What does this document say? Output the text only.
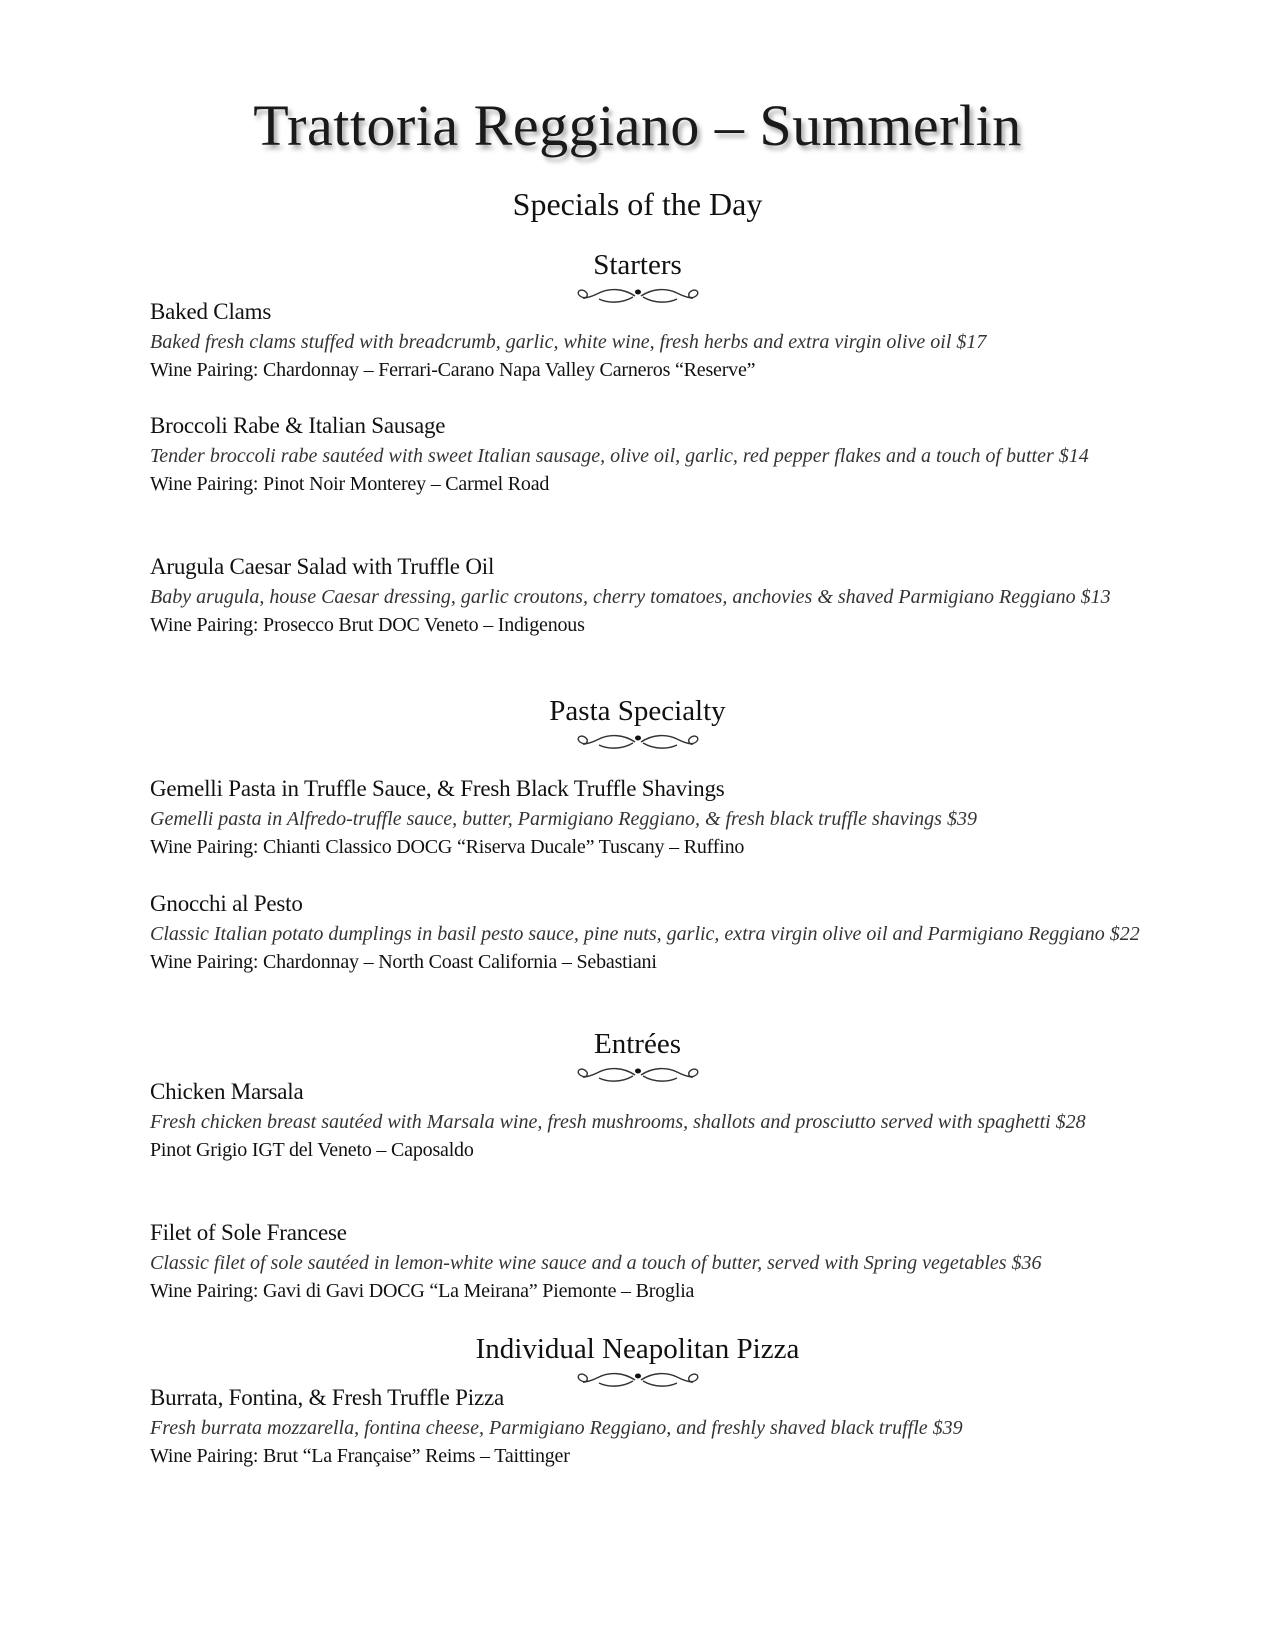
Trattoria Reggiano – Summerlin
Specials of the Day
Starters
Baked Clams
Baked fresh clams stuffed with breadcrumb, garlic, white wine, fresh herbs and extra virgin olive oil $17
Wine Pairing: Chardonnay – Ferrari-Carano Napa Valley Carneros “Reserve”
Broccoli Rabe & Italian Sausage
Tender broccoli rabe sautéed with sweet Italian sausage, olive oil, garlic, red pepper flakes and a touch of butter $14
Wine Pairing: Pinot Noir Monterey – Carmel Road
Arugula Caesar Salad with Truffle Oil
Baby arugula, house Caesar dressing, garlic croutons, cherry tomatoes, anchovies & shaved Parmigiano Reggiano $13
Wine Pairing: Prosecco Brut DOC Veneto – Indigenous
Pasta Specialty
Gemelli Pasta in Truffle Sauce, & Fresh Black Truffle Shavings
Gemelli pasta in Alfredo-truffle sauce, butter, Parmigiano Reggiano, & fresh black truffle shavings $39
Wine Pairing: Chianti Classico DOCG “Riserva Ducale” Tuscany – Ruffino
Gnocchi al Pesto
Classic Italian potato dumplings in basil pesto sauce, pine nuts, garlic, extra virgin olive oil and Parmigiano Reggiano $22
Wine Pairing: Chardonnay – North Coast California – Sebastiani
Entrées
Chicken Marsala
Fresh chicken breast sautéed with Marsala wine, fresh mushrooms, shallots and prosciutto served with spaghetti $28
Pinot Grigio IGT del Veneto – Caposaldo
Filet of Sole Francese
Classic filet of sole sautéed in lemon-white wine sauce and a touch of butter, served with Spring vegetables $36
Wine Pairing: Gavi di Gavi DOCG “La Meirana” Piemonte – Broglia
Individual Neapolitan Pizza
Burrata, Fontina, & Fresh Truffle Pizza
Fresh burrata mozzarella, fontina cheese, Parmigiano Reggiano, and freshly shaved black truffle $39
Wine Pairing: Brut “La Française” Reims – Taittinger
